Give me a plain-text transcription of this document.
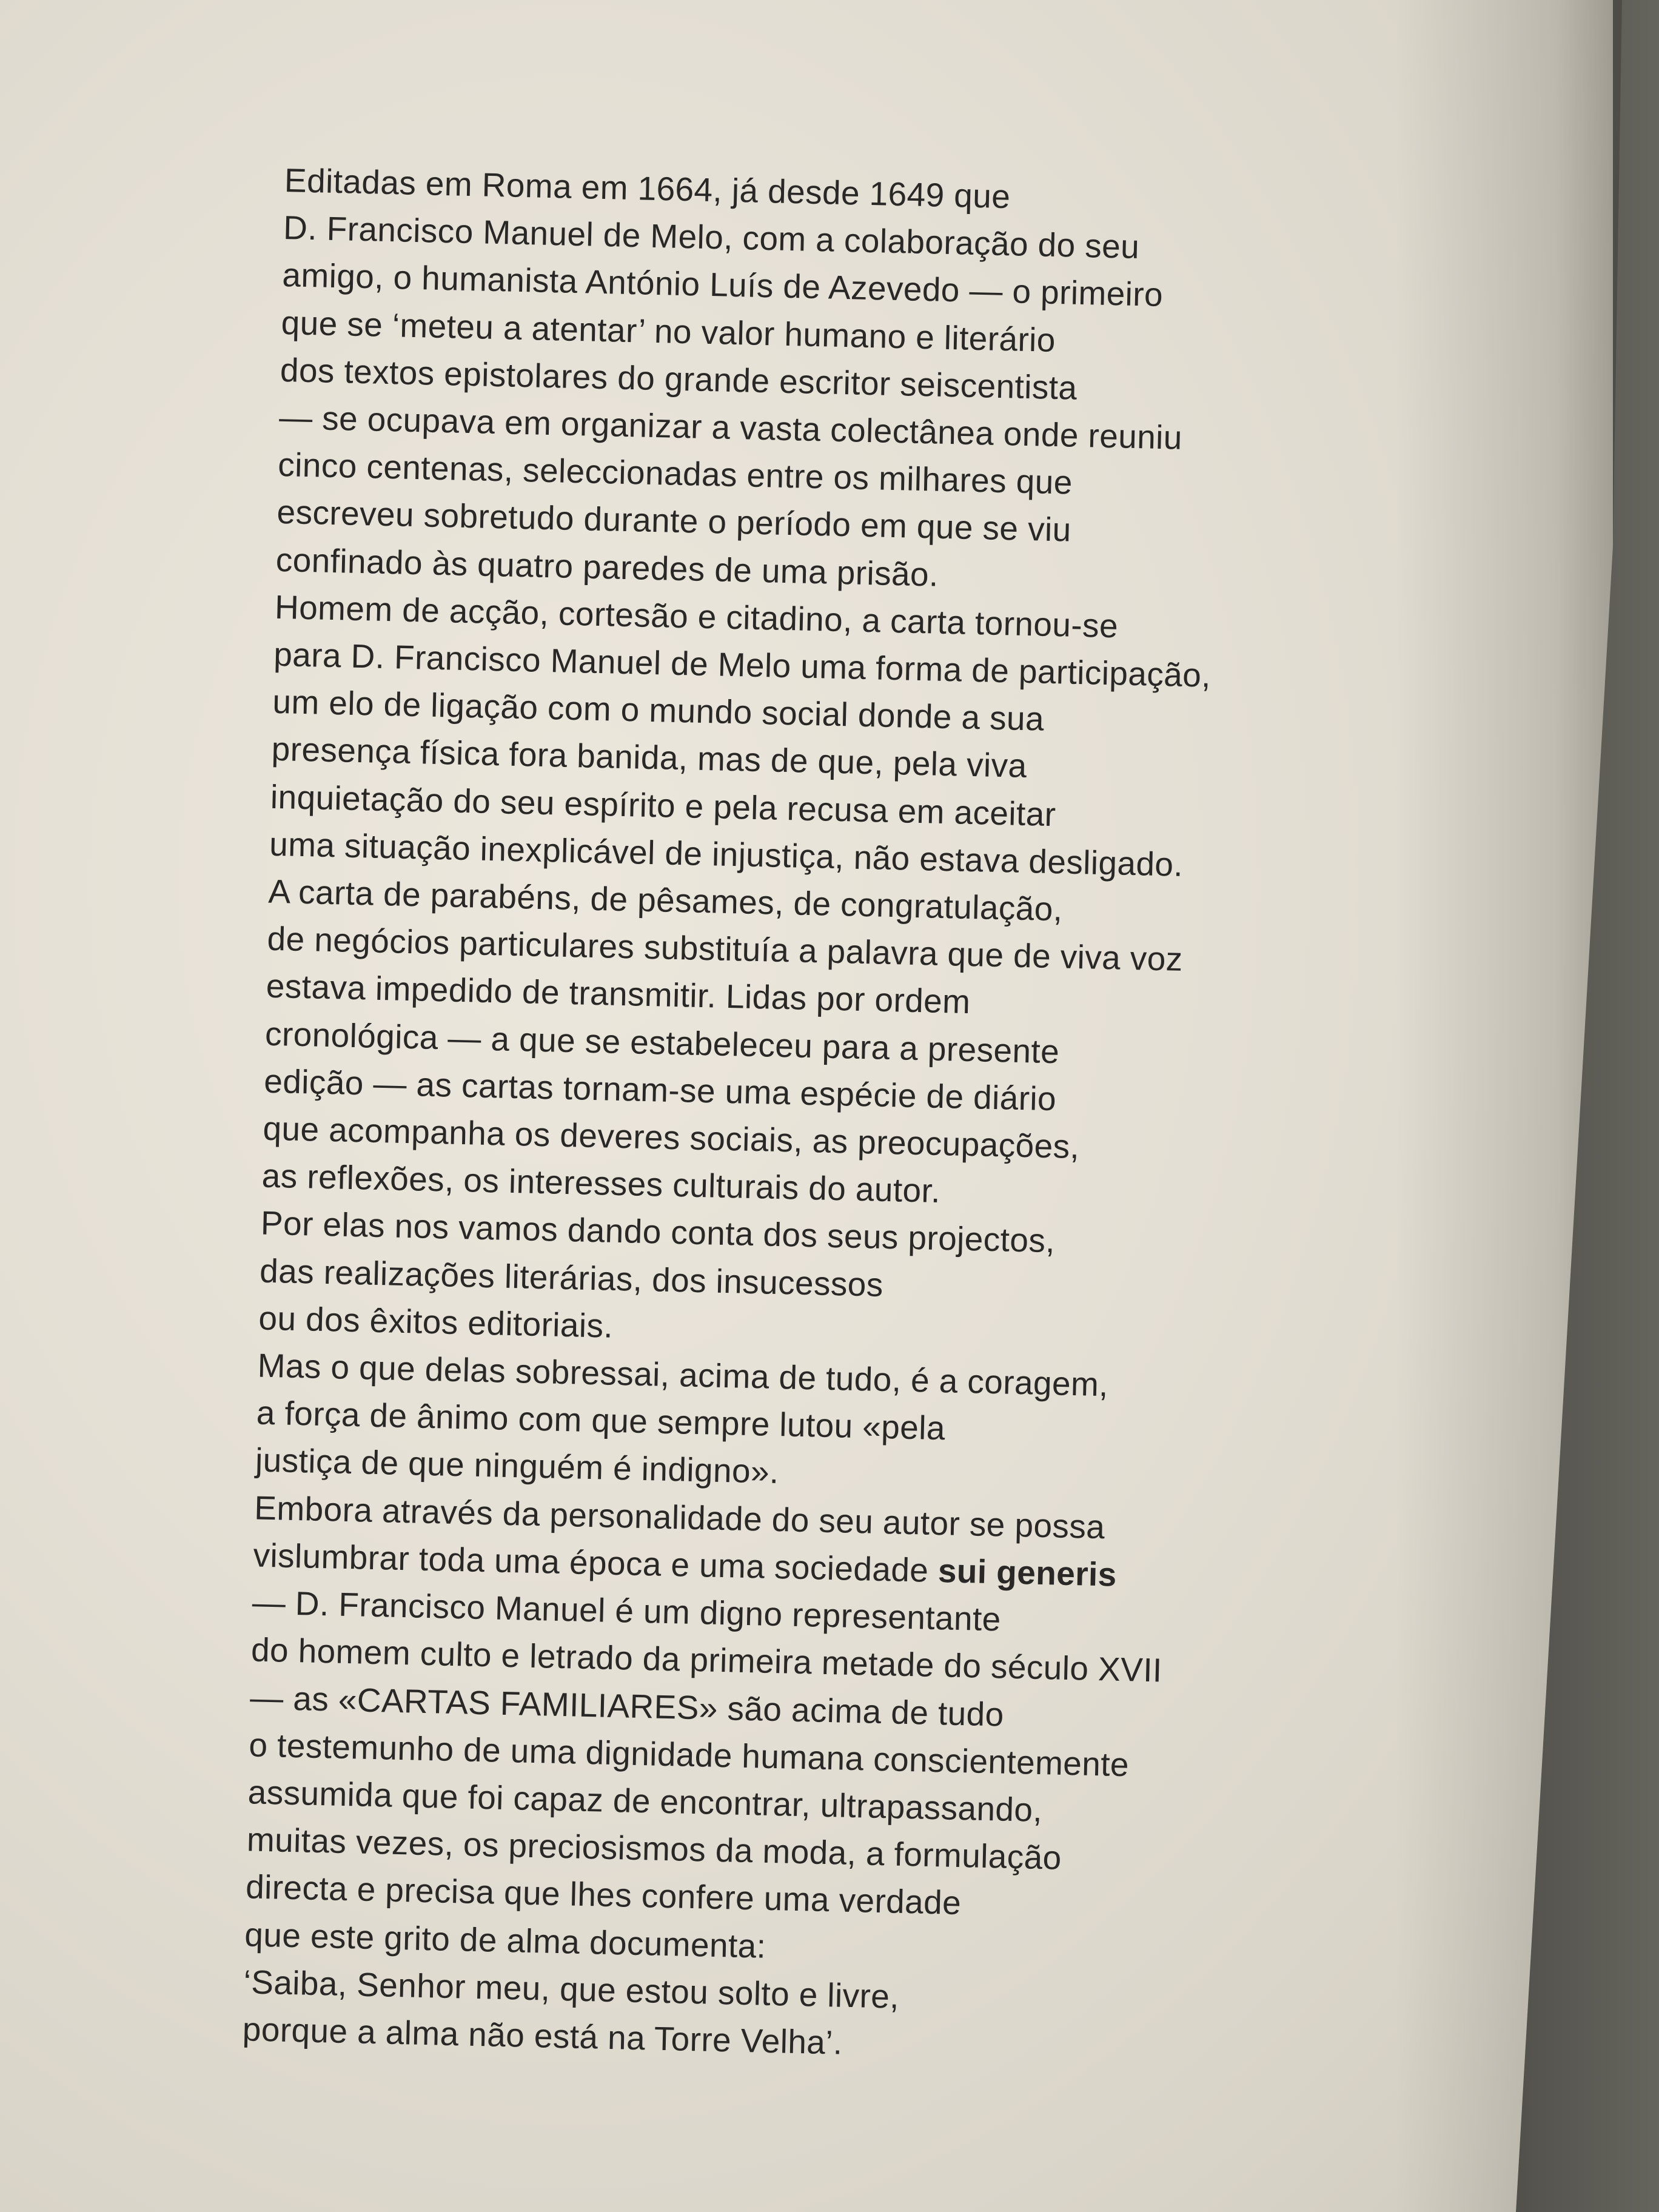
Editadas em Roma em 1664, já desde 1649 que
D. Francisco Manuel de Melo, com a colaboração do seu
amigo, o humanista António Luís de Azevedo — o primeiro
que se ‘meteu a atentar’ no valor humano e literário
dos textos epistolares do grande escritor seiscentista
— se ocupava em organizar a vasta colectânea onde reuniu
cinco centenas, seleccionadas entre os milhares que
escreveu sobretudo durante o período em que se viu
confinado às quatro paredes de uma prisão.
Homem de acção, cortesão e citadino, a carta tornou-se
para D. Francisco Manuel de Melo uma forma de participação,
um elo de ligação com o mundo social donde a sua
presença física fora banida, mas de que, pela viva
inquietação do seu espírito e pela recusa em aceitar
uma situação inexplicável de injustiça, não estava desligado.
A carta de parabéns, de pêsames, de congratulação,
de negócios particulares substituía a palavra que de viva voz
estava impedido de transmitir. Lidas por ordem
cronológica — a que se estabeleceu para a presente
edição — as cartas tornam-se uma espécie de diário
que acompanha os deveres sociais, as preocupações,
as reflexões, os interesses culturais do autor.
Por elas nos vamos dando conta dos seus projectos,
das realizações literárias, dos insucessos
ou dos êxitos editoriais.
Mas o que delas sobressai, acima de tudo, é a coragem,
a força de ânimo com que sempre lutou «pela
justiça de que ninguém é indigno».
Embora através da personalidade do seu autor se possa
vislumbrar toda uma época e uma sociedade sui generis
— D. Francisco Manuel é um digno representante
do homem culto e letrado da primeira metade do século XVII
— as «CARTAS FAMILIARES» são acima de tudo
o testemunho de uma dignidade humana conscientemente
assumida que foi capaz de encontrar, ultrapassando,
muitas vezes, os preciosismos da moda, a formulação
directa e precisa que lhes confere uma verdade
que este grito de alma documenta:
‘Saiba, Senhor meu, que estou solto e livre,
porque a alma não está na Torre Velha’.
